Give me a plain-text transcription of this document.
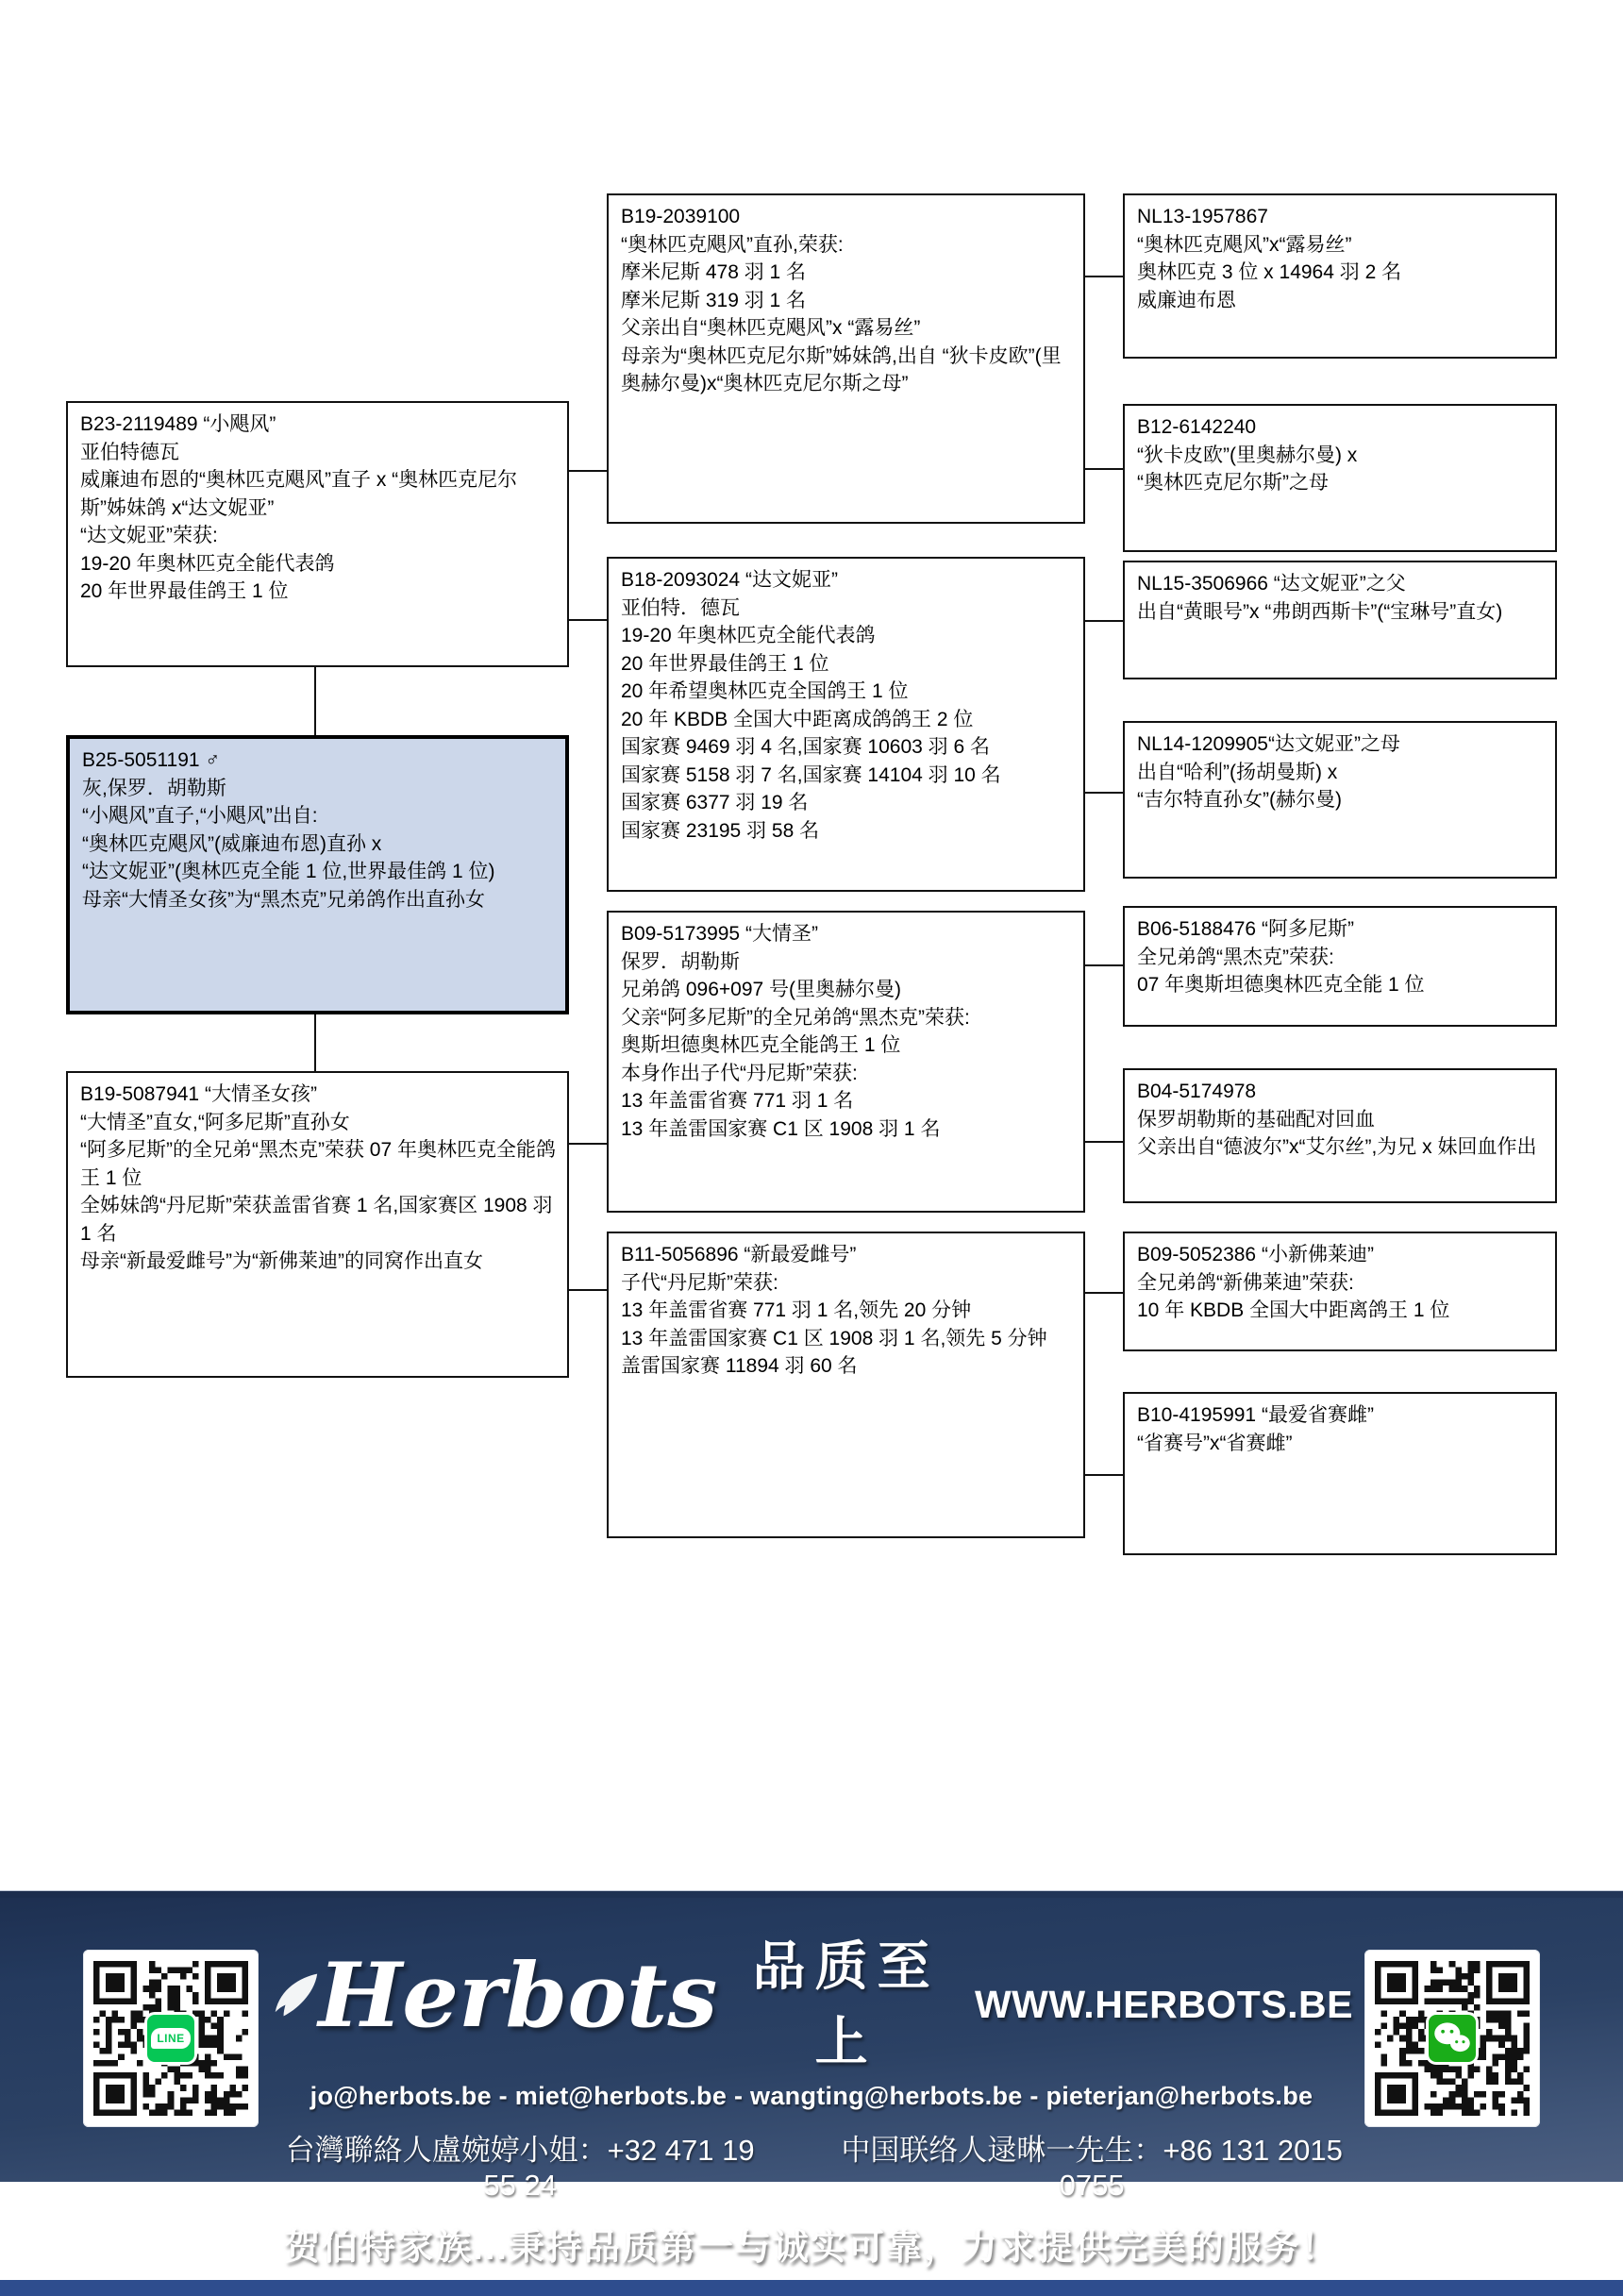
B23-2119489 “小飓风”
亚伯特德瓦
威廉迪布恩的“奥林匹克飓风”直子 x “奥林匹克尼尔斯”姊妹鸽 x“达文妮亚”
“达文妮亚”荣获:
19-20 年奥林匹克全能代表鸽
20 年世界最佳鸽王 1 位
B25-5051191 ♂
灰,保罗．胡勒斯
“小飓风”直子,“小飓风”出自:
“奥林匹克飓风”(威廉迪布恩)直孙 x
“达文妮亚”(奥林匹克全能 1 位,世界最佳鸽 1 位)
母亲“大情圣女孩”为“黑杰克”兄弟鸽作出直孙女
B19-5087941 “大情圣女孩”
“大情圣”直女,“阿多尼斯”直孙女
“阿多尼斯”的全兄弟“黑杰克”荣获 07 年奥林匹克全能鸽王 1 位
全姊妹鸽“丹尼斯”荣获盖雷省赛 1 名,国家赛区 1908 羽 1 名
母亲“新最爱雌号”为“新佛莱迪”的同窝作出直女
B19-2039100
“奥林匹克飓风”直孙,荣获:
摩米尼斯 478 羽 1 名
摩米尼斯 319 羽 1 名
父亲出自“奥林匹克飓风”x “露易丝”
母亲为“奥林匹克尼尔斯”姊妹鸽,出自 “狄卡皮欧”(里奥赫尔曼)x“奥林匹克尼尔斯之母”
B18-2093024 “达文妮亚”
亚伯特．德瓦
19-20 年奥林匹克全能代表鸽
20 年世界最佳鸽王 1 位
20 年希望奥林匹克全国鸽王 1 位
20 年 KBDB 全国大中距离成鸽鸽王 2 位
国家赛 9469 羽 4 名,国家赛 10603 羽 6 名
国家赛 5158 羽 7 名,国家赛 14104 羽 10 名
国家赛 6377 羽 19 名
国家赛 23195 羽 58 名
B09-5173995 “大情圣”
保罗．胡勒斯
兄弟鸽 096+097 号(里奥赫尔曼)
父亲“阿多尼斯”的全兄弟鸽“黑杰克”荣获:
奥斯坦德奥林匹克全能鸽王 1 位
本身作出子代“丹尼斯”荣获:
13 年盖雷省赛 771 羽 1 名
13 年盖雷国家赛 C1 区 1908 羽 1 名
B11-5056896 “新最爱雌号”
子代“丹尼斯”荣获:
13 年盖雷省赛 771 羽 1 名,领先 20 分钟
13 年盖雷国家赛 C1 区 1908 羽 1 名,领先 5 分钟
盖雷国家赛 11894 羽 60 名
NL13-1957867
“奥林匹克飓风”x“露易丝”
奥林匹克 3 位 x 14964 羽 2 名
威廉迪布恩
B12-6142240
“狄卡皮欧”(里奥赫尔曼) x
“奥林匹克尼尔斯”之母
NL15-3506966 “达文妮亚”之父
出自“黄眼号”x “弗朗西斯卡”(“宝琳号”直女)
NL14-1209905“达文妮亚”之母
出自“哈利”(扬胡曼斯) x
“吉尔特直孙女”(赫尔曼)
B06-5188476 “阿多尼斯”
全兄弟鸽“黑杰克”荣获:
07 年奥斯坦德奥林匹克全能 1 位
B04-5174978
保罗胡勒斯的基础配对回血
父亲出自“德波尔”x“艾尔丝”,为兄 x 妹回血作出
B09-5052386 “小新佛莱迪”
全兄弟鸽“新佛莱迪”荣获:
10 年 KBDB 全国大中距离鸽王 1 位
B10-4195991 “最爱省赛雌”
“省赛号”x“省赛雌”
LINE Herbots 品质至上
WWW.HERBOTS.BE
jo@herbots.be - miet@herbots.be - wangting@herbots.be - pieterjan@herbots.be
台灣聯絡人盧婉婷小姐：+32 471 19 55 24
中国联络人逯晽一先生：+86 131 2015 0755
贺伯特家族...秉持品质第一与诚实可靠，力求提供完美的服务！
